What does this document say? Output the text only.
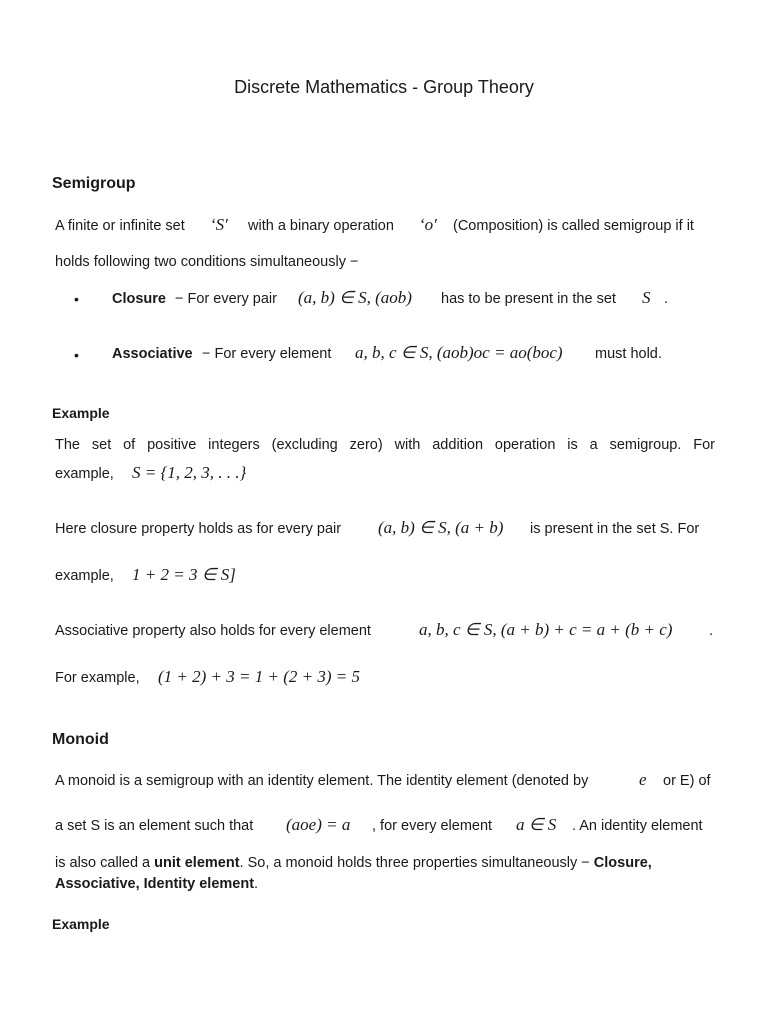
Discrete Mathematics - Group Theory
Semigroup
A finite or infinite set ‘S′ with a binary operation ‘o′ (Composition) is called semigroup if it
holds following two conditions simultaneously −
• Closure − For every pair (a, b) ∈ S, (aob) has to be present in the set S .
• Associative − For every element a, b, c ∈ S, (aob)oc = ao(boc) must hold.
Example
The set of positive integers (excluding zero) with addition operation is a semigroup. For
example, S = {1, 2, 3, . . .}
Here closure property holds as for every pair (a, b) ∈ S, (a + b) is present in the set S. For
example, 1 + 2 = 3 ∈ S]
Associative property also holds for every element	a, b, c ∈ S, (a + b) + c = a + (b + c)	.
For example, (1 + 2) + 3 = 1 + (2 + 3) = 5
Monoid
A monoid is a semigroup with an identity element. The identity element (denoted by	e or E) of
a set S is an element such that (aoe) = a , for every element a ∈ S . An identity element
is also called a unit element. So, a monoid holds three properties simultaneously − Closure,
Associative, Identity element.
Example
